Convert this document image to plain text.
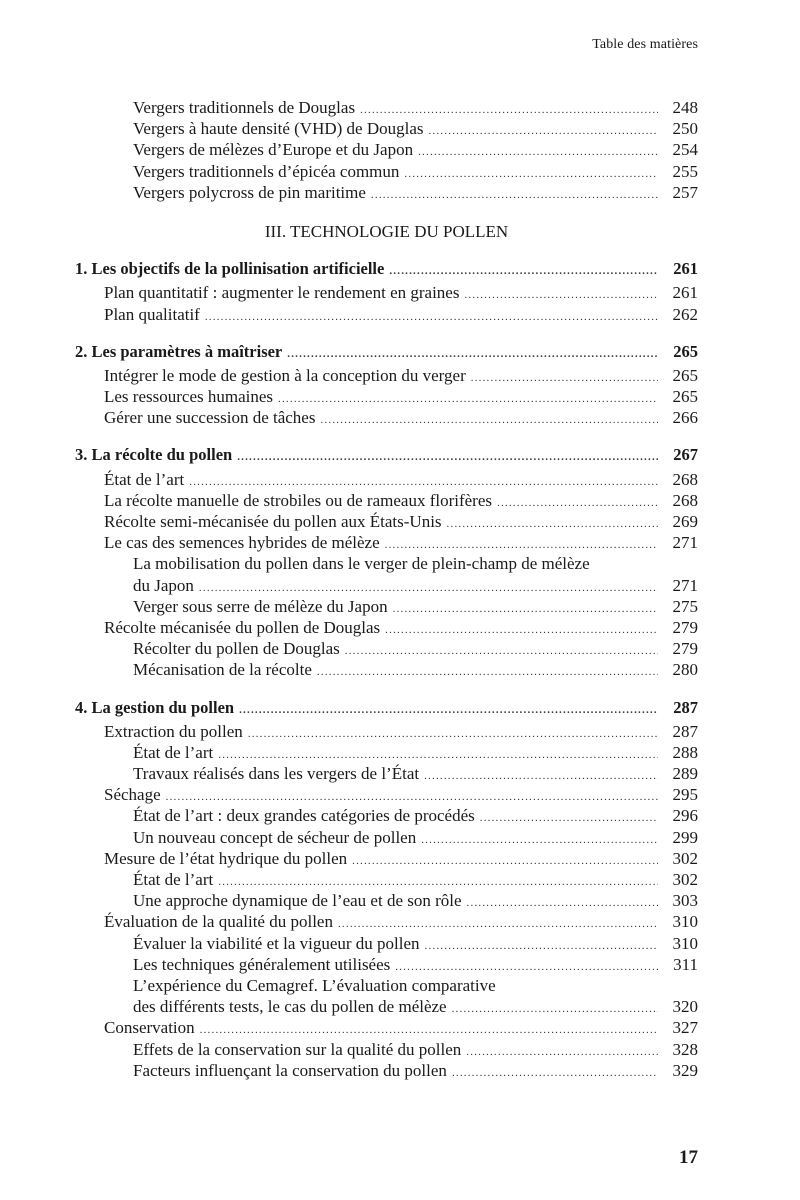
Table des matières
Vergers traditionnels de Douglas .....	248
Vergers à haute densité (VHD) de Douglas .....	250
Vergers de mélèzes d’Europe et du Japon .....	254
Vergers traditionnels d’épicéa commun .....	255
Vergers polycross de pin maritime .....	257
III. TECHNOLOGIE DU POLLEN
1. Les objectifs de la pollinisation artificielle .....	261
Plan quantitatif : augmenter le rendement en graines .....	261
Plan qualitatif .....	262
2. Les paramètres à maîtriser .....	265
Intégrer le mode de gestion à la conception du verger .....	265
Les ressources humaines .....	265
Gérer une succession de tâches .....	266
3. La récolte du pollen .....	267
État de l’art .....	268
La récolte manuelle de strobiles ou de rameaux florifères .....	268
Récolte semi-mécanisée du pollen aux États-Unis .....	269
Le cas des semences hybrides de mélèze .....	271
La mobilisation du pollen dans le verger de plein-champ de mélèze
du Japon .....	271
Verger sous serre de mélèze du Japon .....	275
Récolte mécanisée du pollen de Douglas .....	279
Récolter du pollen de Douglas .....	279
Mécanisation de la récolte .....	280
4. La gestion du pollen .....	287
Extraction du pollen .....	287
État de l’art .....	288
Travaux réalisés dans les vergers de l’État .....	289
Séchage .....	295
État de l’art : deux grandes catégories de procédés .....	296
Un nouveau concept de sécheur de pollen .....	299
Mesure de l’état hydrique du pollen .....	302
État de l’art .....	302
Une approche dynamique de l’eau et de son rôle .....	303
Évaluation de la qualité du pollen .....	310
Évaluer la viabilité et la vigueur du pollen .....	310
Les techniques généralement utilisées .....	311
L’expérience du Cemagref. L’évaluation comparative
des différents tests, le cas du pollen de mélèze .....	320
Conservation .....	327
Effets de la conservation sur la qualité du pollen .....	328
Facteurs influençant la conservation du pollen .....	329
17
